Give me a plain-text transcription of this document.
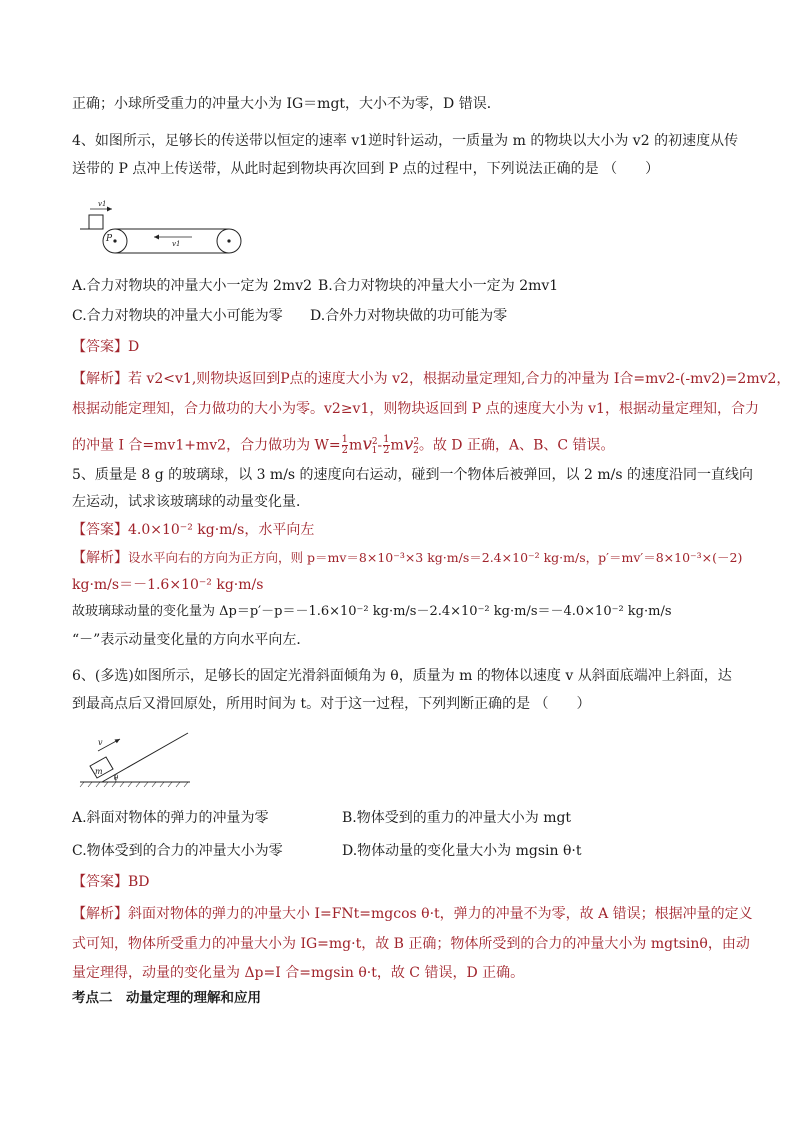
正确；小球所受重力的冲量大小为 IG＝mgt，大小不为零，D 错误．
4、如图所示，足够长的传送带以恒定的速率 v1逆时针运动，一质量为 m 的物块以大小为 v2 的初速度从传
送带的 P 点冲上传送带，从此时起到物块再次回到 P 点的过程中，下列说法正确的是 （　　）
v1
P	v1
A.合力对物块的冲量大小一定为 2mv2 B.合力对物块的冲量大小一定为 2mv1
C.合力对物块的冲量大小可能为零 D.合外力对物块做的功可能为零
【答案】D
【解析】若 v2<v1,则物块返回到P点的速度大小为 v2，根据动量定理知,合力的冲量为 I合=mv2-(-mv2)=2mv2，
根据动能定理知，合力做功的大小为零。v2≥v1，则物块返回到 P 点的速度大小为 v1，根据动量定理知，合力
的冲量 I 合=mv1+mv2，合力做功为 $W= \frac{1}{2} mv^2_1- \frac{1}{2} mv^2_2$。故 D 正确，A、B、C 错误。
5、质量是 8 g 的玻璃球，以 3 m/s 的速度向右运动，碰到一个物体后被弹回，以 2 m/s 的速度沿同一直线向
左运动，试求该玻璃球的动量变化量．
【答案】4.0×10⁻² kg·m/s，水平向左
【解析】设水平向右的方向为正方向，则 p＝mv＝8×10⁻³×3 kg·m/s＝2.4×10⁻² kg·m/s，p′＝mv′＝8×10⁻³×(－2)
kg·m/s＝－1.6×10⁻² kg·m/s
故玻璃球动量的变化量为 Δp＝p′－p＝－1.6×10⁻² kg·m/s－2.4×10⁻² kg·m/s＝－4.0×10⁻² kg·m/s
“－”表示动量变化量的方向水平向左．
6、(多选)如图所示，足够长的固定光滑斜面倾角为 θ，质量为 m 的物体以速度 v 从斜面底端冲上斜面，达
到最高点后又滑回原处，所用时间为 t。对于这一过程，下列判断正确的是 （　　）
m
v
θ
A.斜面对物体的弹力的冲量为零	B.物体受到的重力的冲量大小为 mgt
C.物体受到的合力的冲量大小为零	D.物体动量的变化量大小为 mgsin θ·t
【答案】BD
【解析】斜面对物体的弹力的冲量大小 I=FNt=mgcos θ·t，弹力的冲量不为零，故 A 错误；根据冲量的定义
式可知，物体所受重力的冲量大小为 IG=mg·t，故 B 正确；物体所受到的合力的冲量大小为 mgtsinθ，由动
量定理得，动量的变化量为 Δp=I 合=mgsin θ·t，故 C 错误，D 正确。
考点二　动量定理的理解和应用
